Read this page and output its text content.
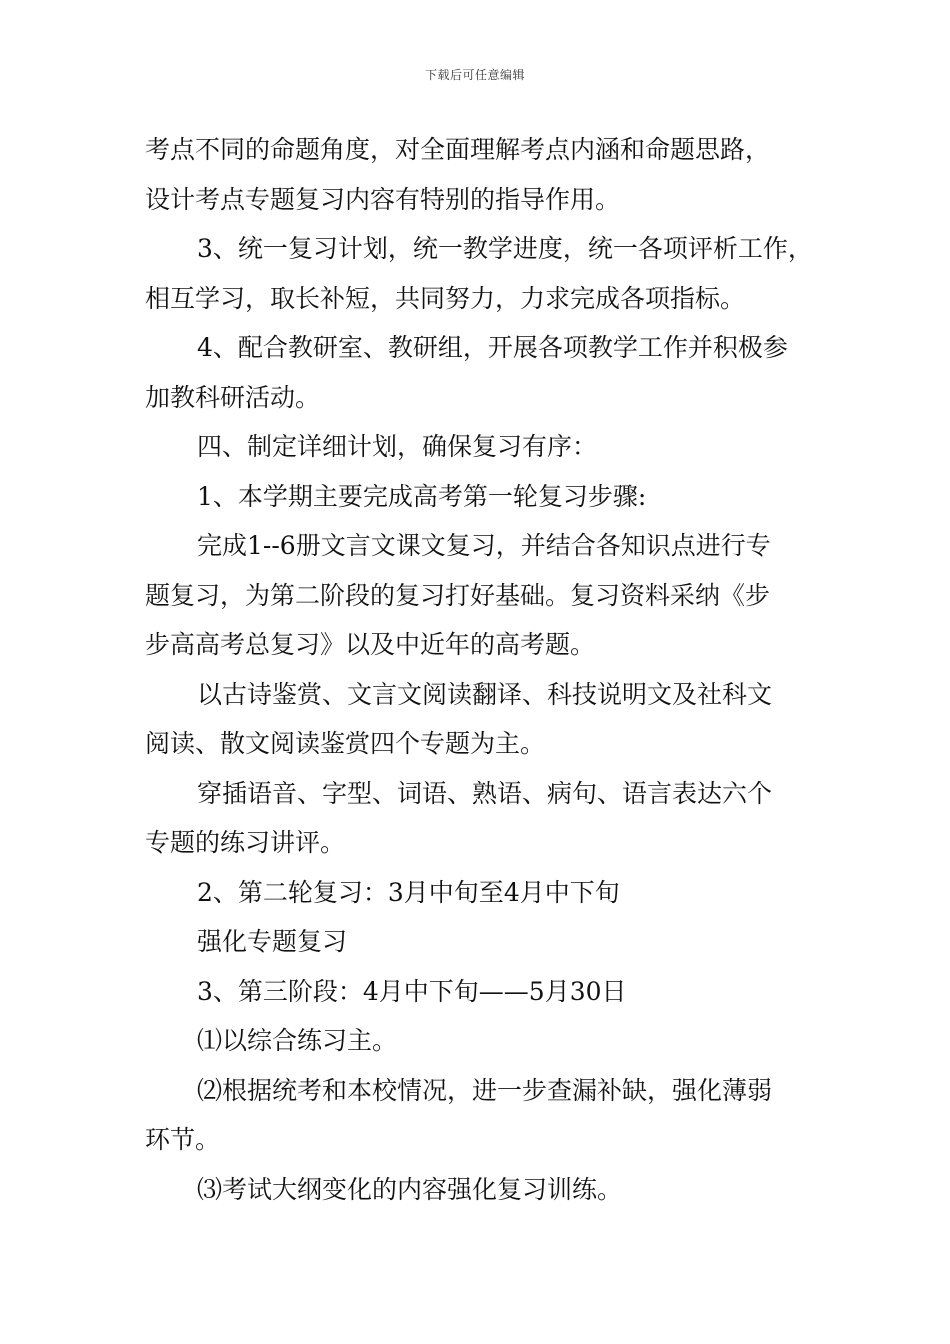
下载后可任意编辑
考点不同的命题角度，对全面理解考点内涵和命题思路，
设计考点专题复习内容有特别的指导作用。
3、统一复习计划，统一教学进度，统一各项评析工作，
相互学习，取长补短，共同努力，力求完成各项指标。
4、配合教研室、教研组，开展各项教学工作并积极参
加教科研活动。
四、制定详细计划，确保复习有序：
1、本学期主要完成高考第一轮复习步骤:
完成1--6册文言文课文复习，并结合各知识点进行专
题复习，为第二阶段的复习打好基础。复习资料采纳《步
步高高考总复习》以及中近年的高考题。
以古诗鉴赏、文言文阅读翻译、科技说明文及社科文
阅读、散文阅读鉴赏四个专题为主。
穿插语音、字型、词语、熟语、病句、语言表达六个
专题的练习讲评。
2、第二轮复习：3月中旬至4月中下旬
强化专题复习
3、第三阶段：4月中下旬——5月30日
⑴以综合练习主。
⑵根据统考和本校情况，进一步查漏补缺，强化薄弱
环节。
⑶考试大纲变化的内容强化复习训练。
